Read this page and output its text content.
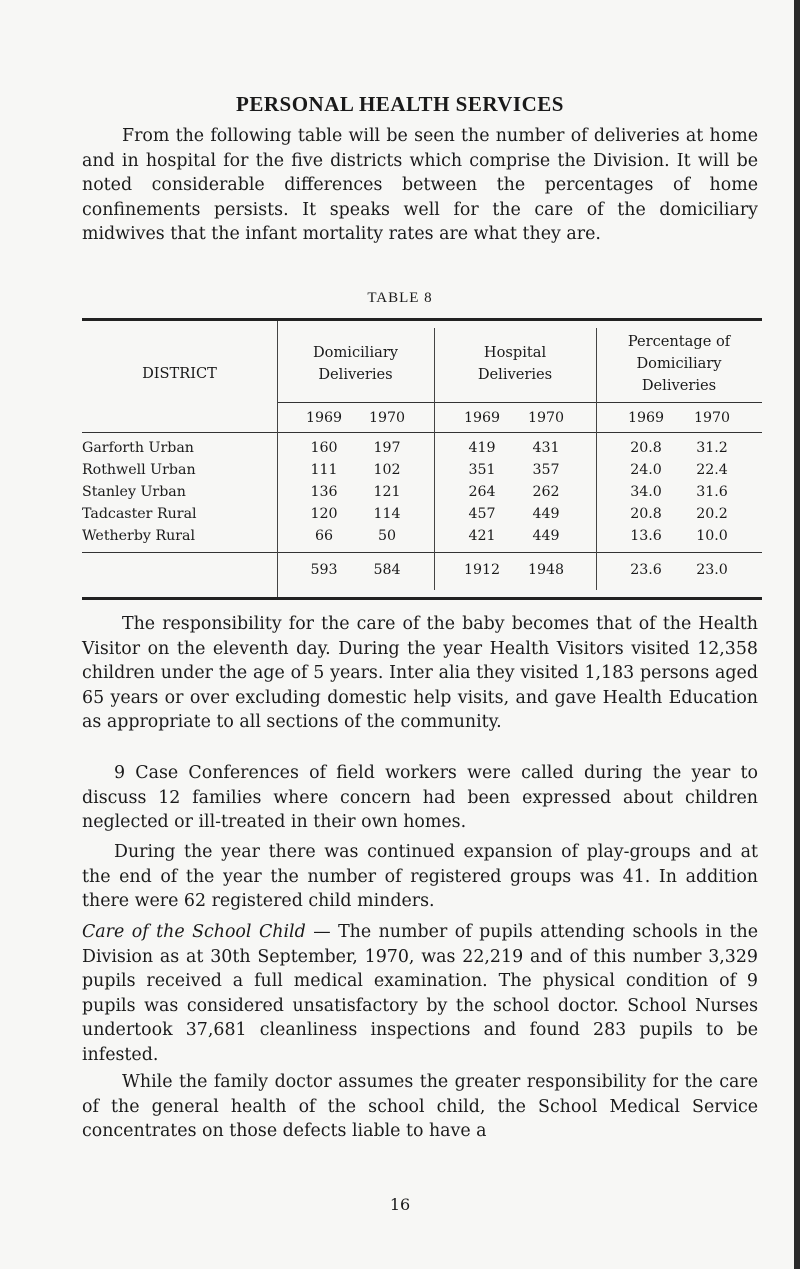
PERSONAL HEALTH SERVICES

From the following table will be seen the number of deliveries at home and in hospital for the five districts which comprise the Division. It will be noted considerable differences between the percentages of home confinements persists. It speaks well for the care of the domiciliary midwives that the infant mortality rates are what they are.

TABLE 8
DISTRICT
Domiciliary
Deliveries
Hospital
Deliveries
Percentage of
Domiciliary
Deliveries
1969	1970	1969	1970	1969	1970
Garforth Urban	160	197	419	431	20.8	31.2
Rothwell Urban	111	102	351	357	24.0	22.4
Stanley Urban	136	121	264	262	34.0	31.6
Tadcaster Rural	120	114	457	449	20.8	20.2
Wetherby Rural	66	50	421	449	13.6	10.0
593	584	1912	1948	23.6	23.0

The responsibility for the care of the baby becomes that of the Health Visitor on the eleventh day. During the year Health Visitors visited 12,358 children under the age of 5 years. Inter alia they visited 1,183 persons aged 65 years or over excluding domestic help visits, and gave Health Education as appropriate to all sections of the community.

9 Case Conferences of field workers were called during the year to discuss 12 families where concern had been expressed about children neglected or ill-treated in their own homes.

During the year there was continued expansion of play-groups and at the end of the year the number of registered groups was 41. In addition there were 62 registered child minders.

Care of the School Child — The number of pupils attending schools in the Division as at 30th September, 1970, was 22,219 and of this number 3,329 pupils received a full medical examination. The physical condition of 9 pupils was considered unsatisfactory by the school doctor. School Nurses undertook 37,681 cleanliness inspections and found 283 pupils to be infested.

While the family doctor assumes the greater responsibility for the care of the general health of the school child, the School Medical Service concentrates on those defects liable to have a

16
